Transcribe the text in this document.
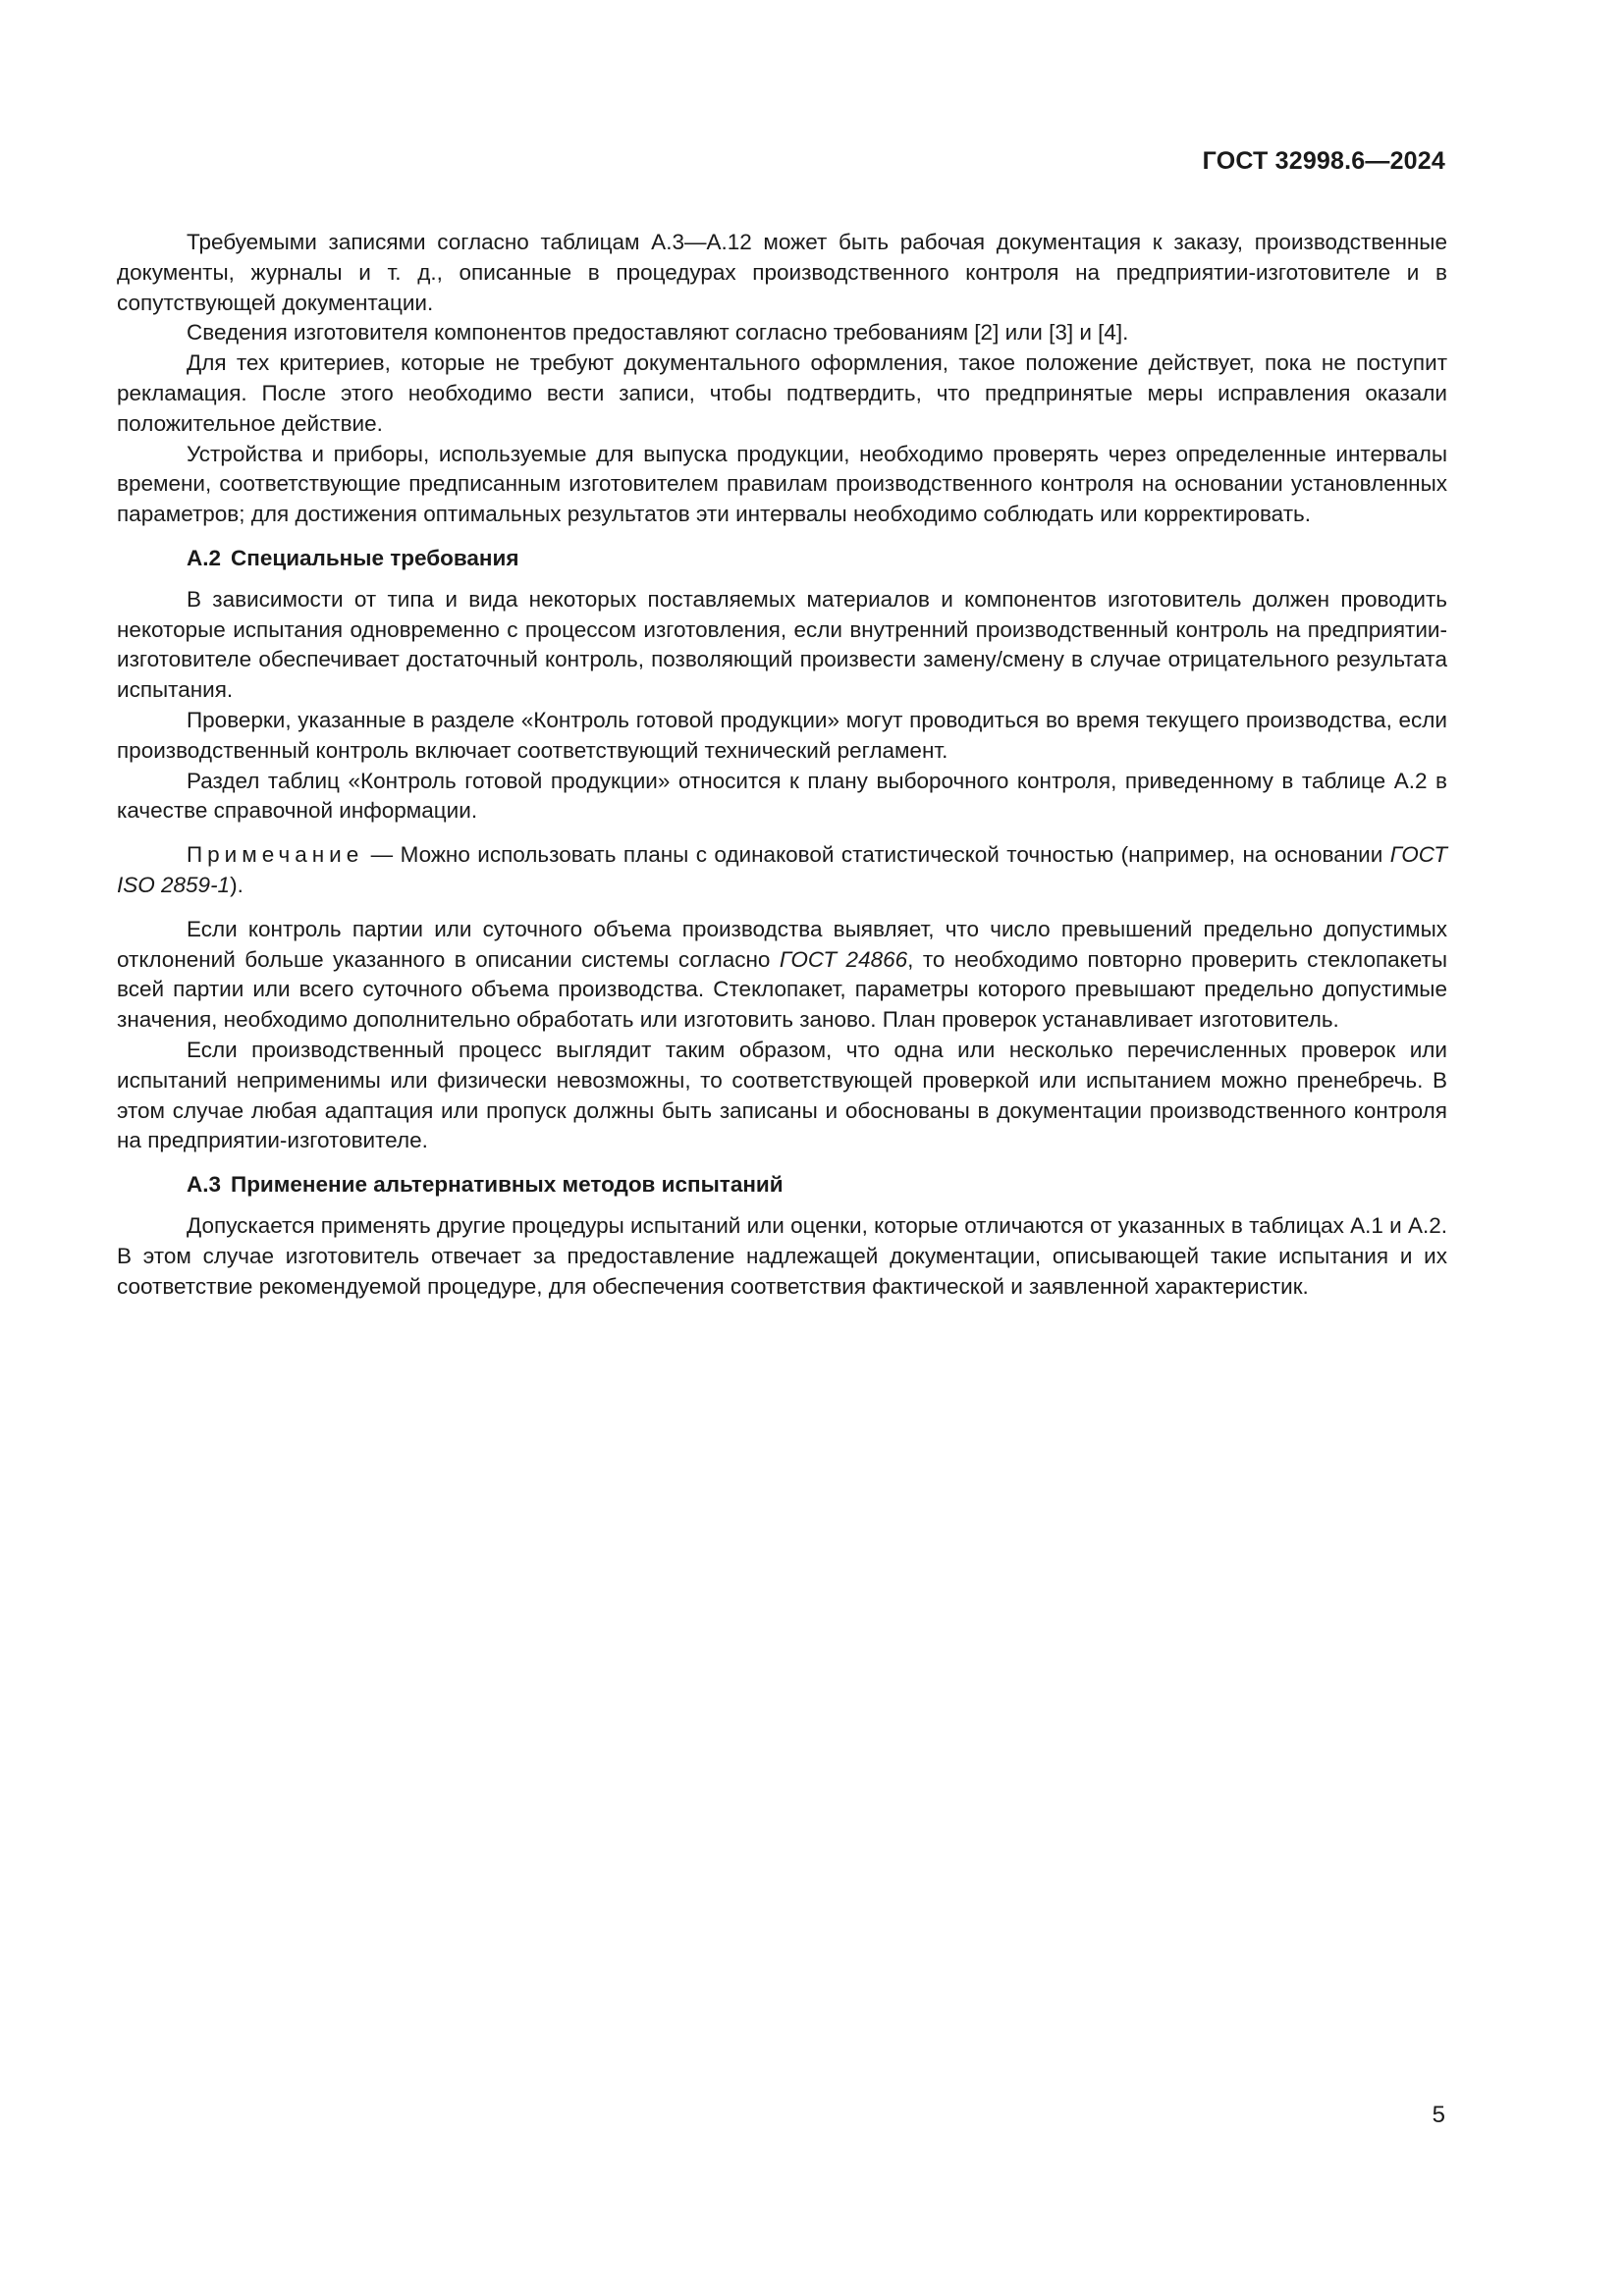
ГОСТ 32998.6—2024

Требуемыми записями согласно таблицам А.3—А.12 может быть рабочая документация к заказу, производственные документы, журналы и т. д., описанные в процедурах производственного контроля на предприятии-изготовителе и в сопутствующей документации.

Сведения изготовителя компонентов предоставляют согласно требованиям [2] или [3] и [4].

Для тех критериев, которые не требуют документального оформления, такое положение действует, пока не поступит рекламация. После этого необходимо вести записи, чтобы подтвердить, что предпринятые меры исправления оказали положительное действие.

Устройства и приборы, используемые для выпуска продукции, необходимо проверять через определенные интервалы времени, соответствующие предписанным изготовителем правилам производственного контроля на основании установленных параметров; для достижения оптимальных результатов эти интервалы необходимо соблюдать или корректировать.

А.2 Специальные требования

В зависимости от типа и вида некоторых поставляемых материалов и компонентов изготовитель должен проводить некоторые испытания одновременно с процессом изготовления, если внутренний производственный контроль на предприятии-изготовителе обеспечивает достаточный контроль, позволяющий произвести замену/смену в случае отрицательного результата испытания.

Проверки, указанные в разделе «Контроль готовой продукции» могут проводиться во время текущего производства, если производственный контроль включает соответствующий технический регламент.

Раздел таблиц «Контроль готовой продукции» относится к плану выборочного контроля, приведенному в таблице А.2 в качестве справочной информации.

Примечание — Можно использовать планы с одинаковой статистической точностью (например, на основании ГОСТ ISO 2859-1).

Если контроль партии или суточного объема производства выявляет, что число превышений предельно допустимых отклонений больше указанного в описании системы согласно ГОСТ 24866, то необходимо повторно проверить стеклопакеты всей партии или всего суточного объема производства. Стеклопакет, параметры которого превышают предельно допустимые значения, необходимо дополнительно обработать или изготовить заново. План проверок устанавливает изготовитель.

Если производственный процесс выглядит таким образом, что одна или несколько перечисленных проверок или испытаний неприменимы или физически невозможны, то соответствующей проверкой или испытанием можно пренебречь. В этом случае любая адаптация или пропуск должны быть записаны и обоснованы в документации производственного контроля на предприятии-изготовителе.

А.3 Применение альтернативных методов испытаний

Допускается применять другие процедуры испытаний или оценки, которые отличаются от указанных в таблицах А.1 и А.2. В этом случае изготовитель отвечает за предоставление надлежащей документации, описывающей такие испытания и их соответствие рекомендуемой процедуре, для обеспечения соответствия фактической и заявленной характеристик.

5
